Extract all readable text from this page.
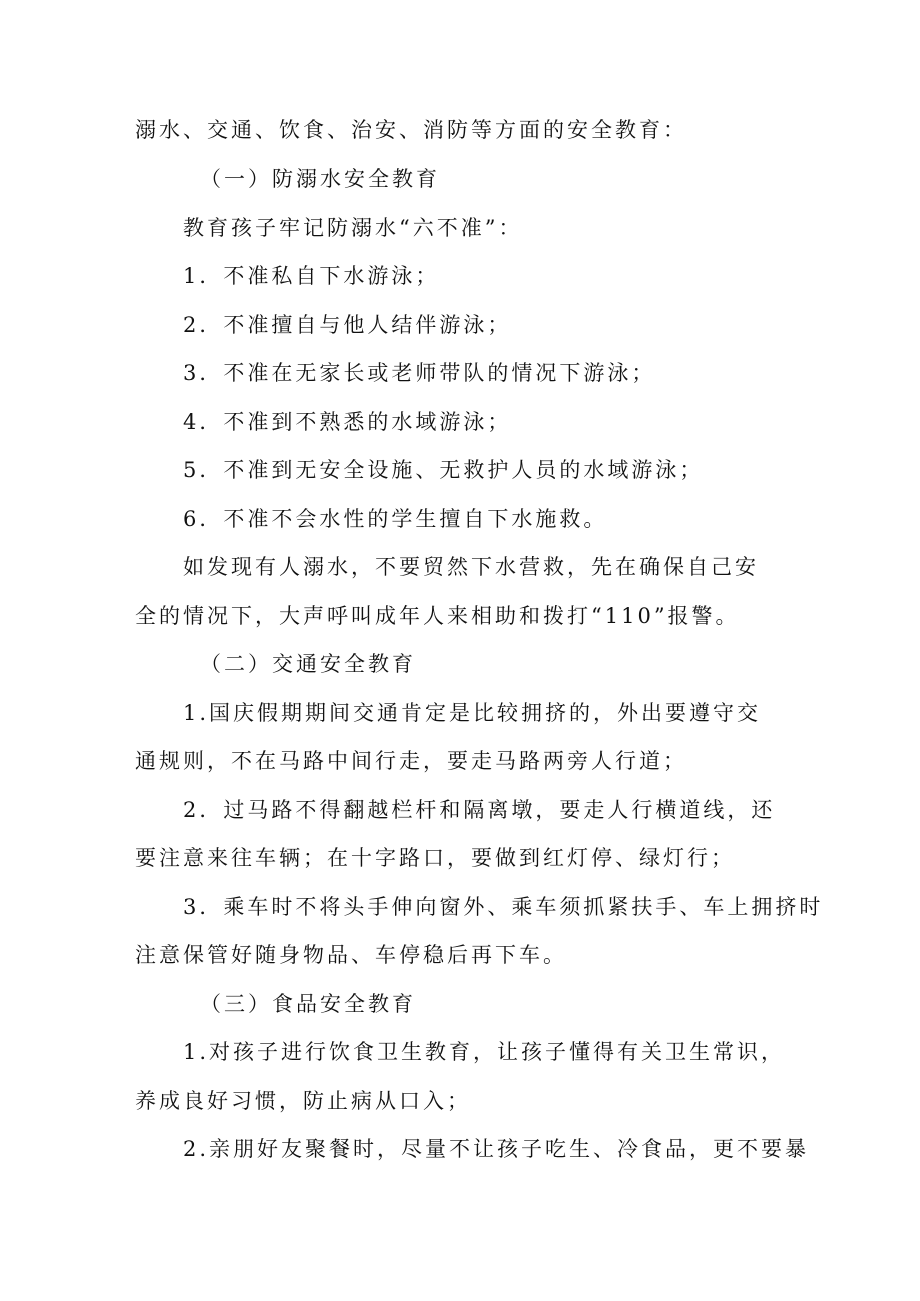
溺水、交通、饮食、治安、消防等方面的安全教育：
（一）防溺水安全教育
教育孩子牢记防溺水“六不准”：
1．不准私自下水游泳；
2．不准擅自与他人结伴游泳；
3．不准在无家长或老师带队的情况下游泳；
4．不准到不熟悉的水域游泳；
5．不准到无安全设施、无救护人员的水域游泳；
6．不准不会水性的学生擅自下水施救。
如发现有人溺水，不要贸然下水营救，先在确保自己安
全的情况下，大声呼叫成年人来相助和拨打“110”报警。
（二）交通安全教育
1.国庆假期期间交通肯定是比较拥挤的，外出要遵守交
通规则，不在马路中间行走，要走马路两旁人行道；
2．过马路不得翻越栏杆和隔离墩，要走人行横道线，还
要注意来往车辆；在十字路口，要做到红灯停、绿灯行；
3．乘车时不将头手伸向窗外、乘车须抓紧扶手、车上拥挤时
注意保管好随身物品、车停稳后再下车。
（三）食品安全教育
1.对孩子进行饮食卫生教育，让孩子懂得有关卫生常识，
养成良好习惯，防止病从口入；
2.亲朋好友聚餐时，尽量不让孩子吃生、冷食品，更不要暴
